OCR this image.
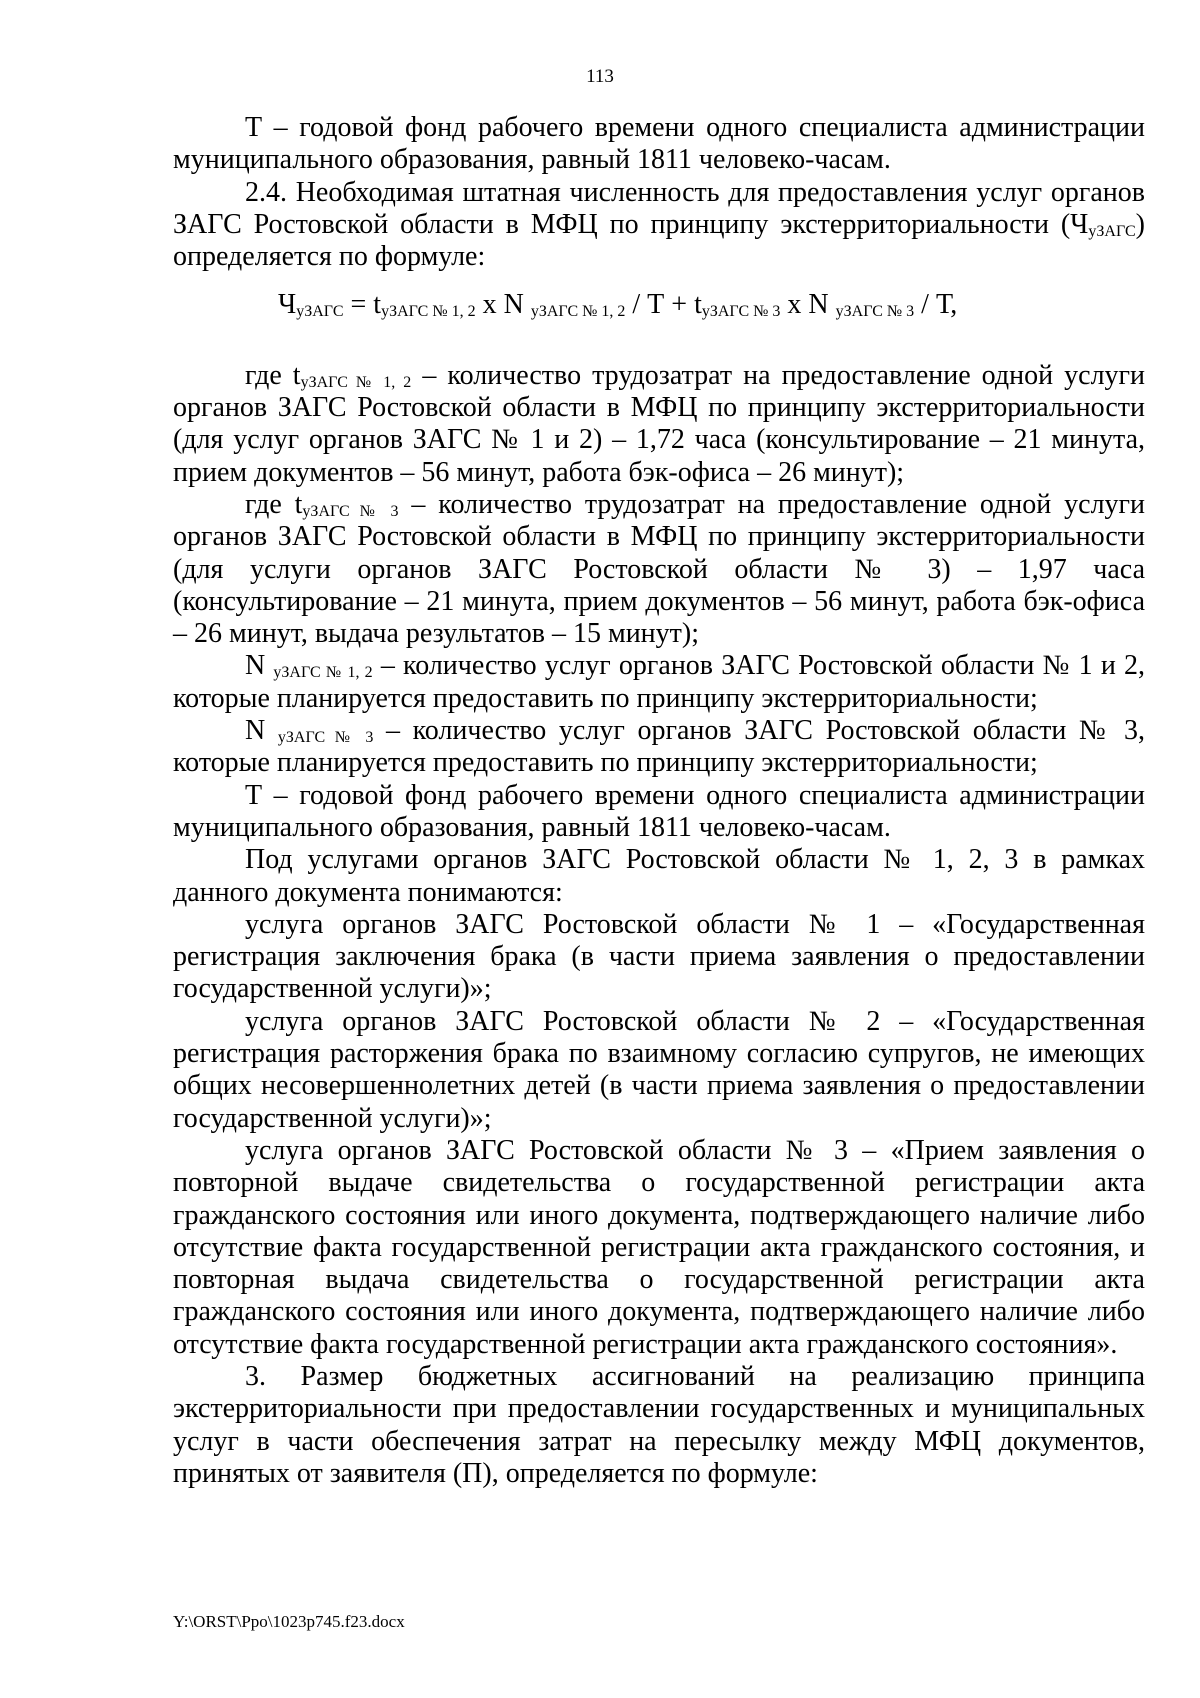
113

Т – годовой фонд рабочего времени одного специалиста администрации муниципального образования, равный 1811 человеко-часам.

2.4. Необходимая штатная численность для предоставления услуг органов ЗАГС Ростовской области в МФЦ по принципу экстерриториальности $(Ч_{уЗАГС})$ определяется по формуле:

$Ч_{уЗАГС} = t_{уЗАГС № 1, 2}$ х N $_{уЗАГС № 1, 2} / Т + t_{уЗАГС № 3}$ х N $_{уЗАГС № 3}$ / Т,

где $t_{уЗАГС № 1, 2}$ – количество трудозатрат на предоставление одной услуги органов ЗАГС Ростовской области в МФЦ по принципу экстерриториальности (для услуг органов ЗАГС № 1 и 2) – 1,72 часа (консультирование – 21 минута, прием документов – 56 минут, работа бэк-офиса – 26 минут);

где $t_{уЗАГС № 3}$ – количество трудозатрат на предоставление одной услуги органов ЗАГС Ростовской области в МФЦ по принципу экстерриториальности (для услуги органов ЗАГС Ростовской области № 3) – 1,97 часа (консультирование – 21 минута, прием документов – 56 минут, работа бэк-офиса – 26 минут, выдача результатов – 15 минут);

N $_{уЗАГС № 1, 2}$ – количество услуг органов ЗАГС Ростовской области № 1 и 2, которые планируется предоставить по принципу экстерриториальности;

N $_{уЗАГС № 3}$ – количество услуг органов ЗАГС Ростовской области № 3, которые планируется предоставить по принципу экстерриториальности;

Т – годовой фонд рабочего времени одного специалиста администрации муниципального образования, равный 1811 человеко-часам.

Под услугами органов ЗАГС Ростовской области № 1, 2, 3 в рамках данного документа понимаются:

услуга органов ЗАГС Ростовской области № 1 – «Государственная регистрация заключения брака (в части приема заявления о предоставлении государственной услуги)»;

услуга органов ЗАГС Ростовской области № 2 – «Государственная регистрация расторжения брака по взаимному согласию супругов, не имеющих общих несовершеннолетних детей (в части приема заявления о предоставлении государственной услуги)»;

услуга органов ЗАГС Ростовской области № 3 – «Прием заявления о повторной выдаче свидетельства о государственной регистрации акта гражданского состояния или иного документа, подтверждающего наличие либо отсутствие факта государственной регистрации акта гражданского состояния, и повторная выдача свидетельства о государственной регистрации акта гражданского состояния или иного документа, подтверждающего наличие либо отсутствие факта государственной регистрации акта гражданского состояния».

3. Размер бюджетных ассигнований на реализацию принципа экстерриториальности при предоставлении государственных и муниципальных услуг в части обеспечения затрат на пересылку между МФЦ документов, принятых от заявителя (П), определяется по формуле:

Y:\ORST\Ppo\1023p745.f23.docx
